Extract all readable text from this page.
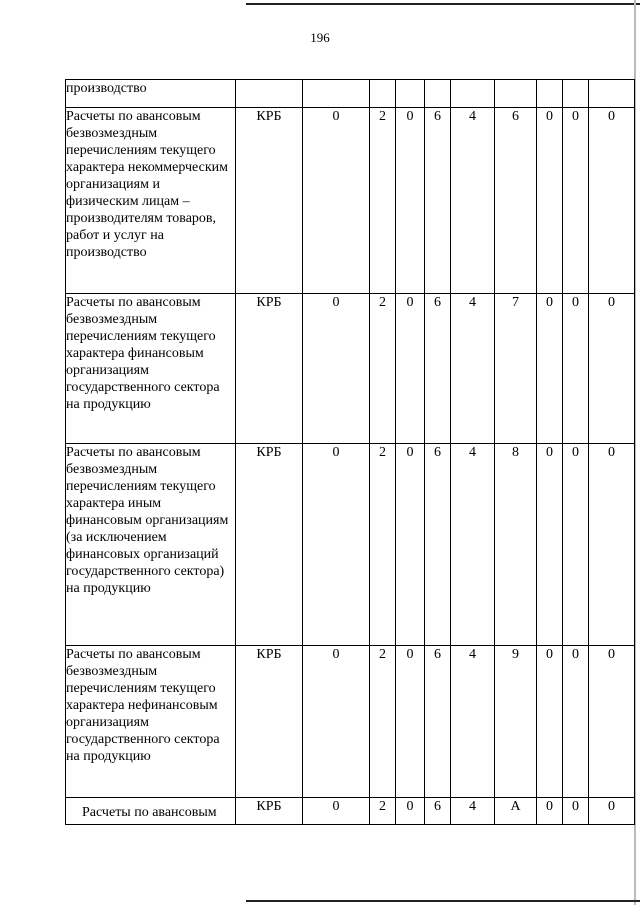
196
производство										
Расчеты по авансовым безвозмездным перечислениям текущего характера некоммерческим организациям и физическим лицам – производителям товаров, работ и услуг на производство	КРБ	0	2	0	6	4	6	0	0	0
Расчеты по авансовым безвозмездным перечислениям текущего характера финансовым организациям государственного сектора на продукцию	КРБ	0	2	0	6	4	7	0	0	0
Расчеты по авансовым безвозмездным перечислениям текущего характера иным финансовым организациям (за исключением финансовых организаций государственного сектора) на продукцию	КРБ	0	2	0	6	4	8	0	0	0
Расчеты по авансовым безвозмездным перечислениям текущего характера нефинансовым организациям государственного сектора на продукцию	КРБ	0	2	0	6	4	9	0	0	0
Расчеты по авансовым	КРБ	0	2	0	6	4	А	0	0	0
